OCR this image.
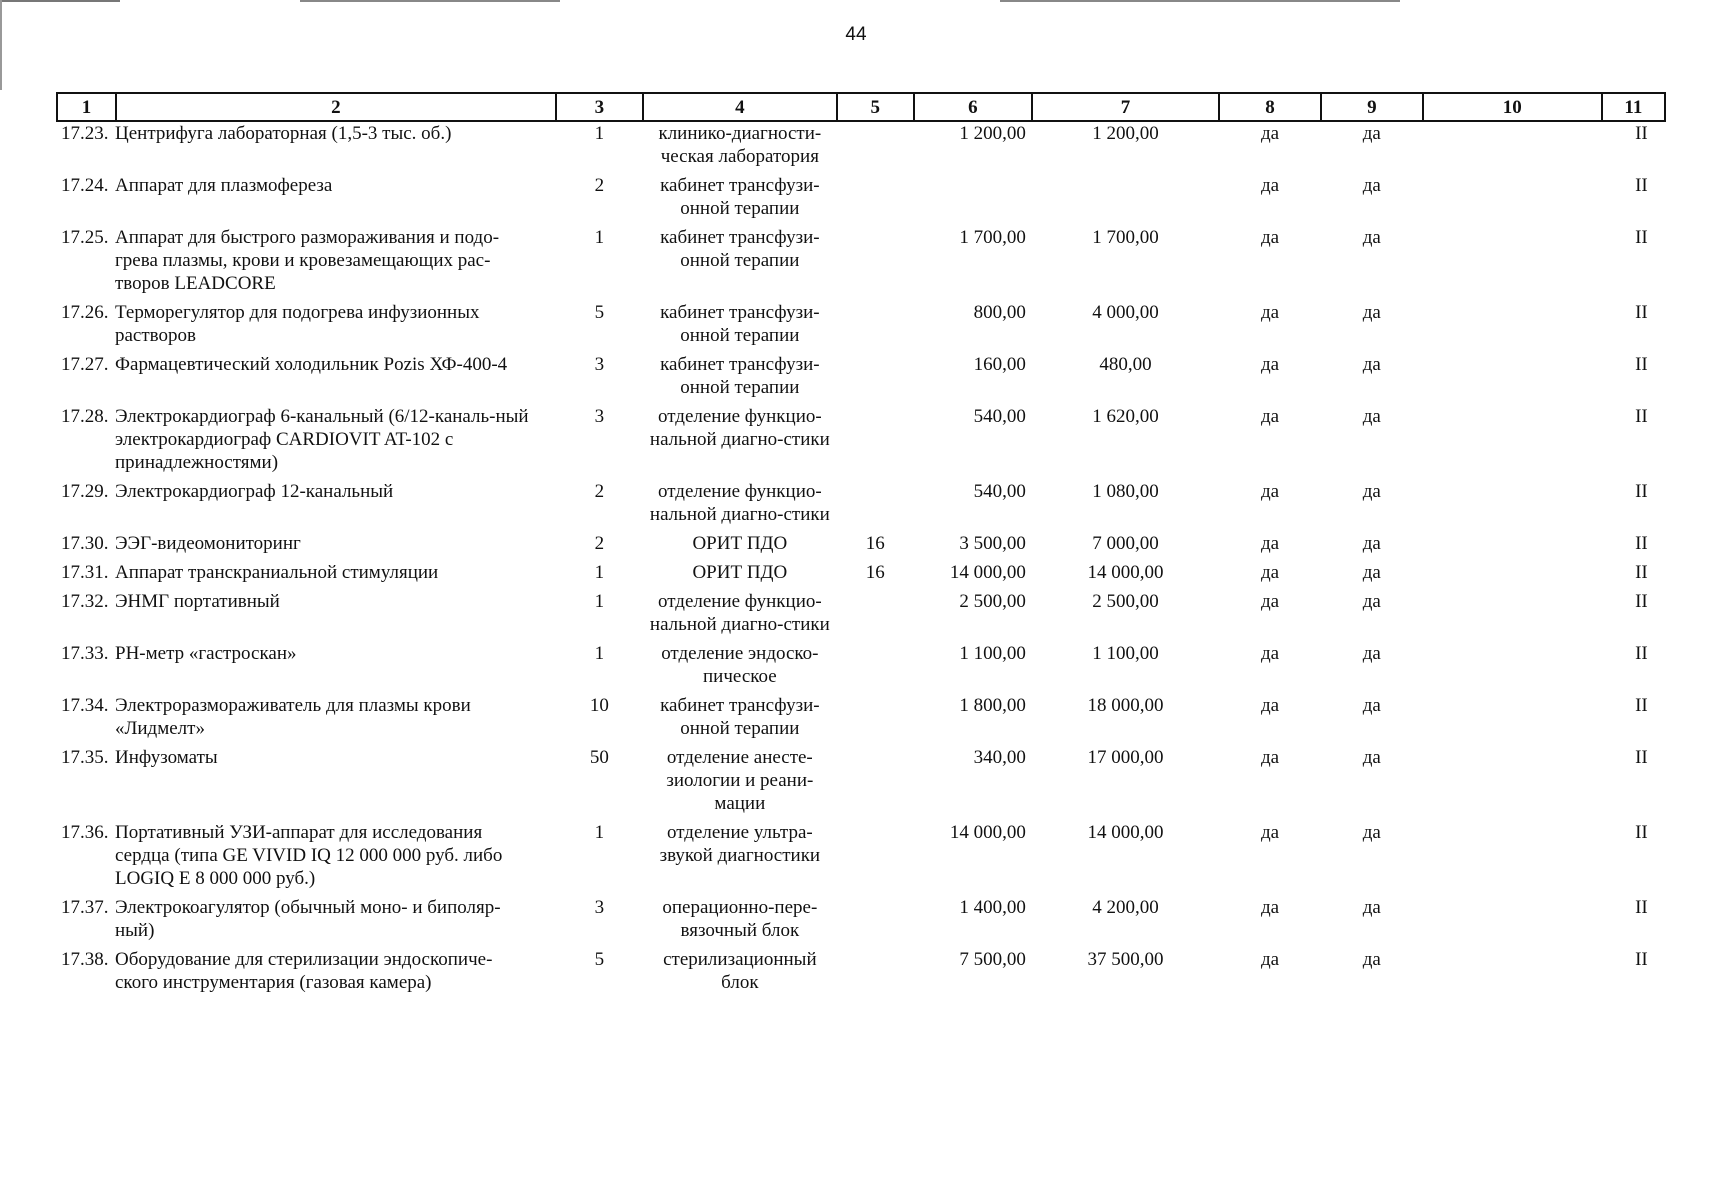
44
1	2	3	4	5	6	7	8	9	10	11
17.23. Центрифуга лабораторная (1,5-3 тыс. об.)		1	клинико-диагности-ческая лаборатория		1 200,00	1 200,00	да	да		II
17.24. Аппарат для плазмофереза		2	кабинет трансфузи-онной терапии				да	да		II
17.25. Аппарат для быстрого размораживания и подо-грева плазмы, крови и кровезамещающих рас-творов LEADCORE		1	кабинет трансфузи-онной терапии		1 700,00	1 700,00	да	да		II
17.26. Терморегулятор для подогрева инфузионных растворов		5	кабинет трансфузи-онной терапии		800,00	4 000,00	да	да		II
17.27. Фармацевтический холодильник Pozis ХФ-400-4		3	кабинет трансфузи-онной терапии		160,00	480,00	да	да		II
17.28. Электрокардиограф 6-канальный (6/12-каналь-ный электрокардиограф CARDIOVIT AT-102 с принадлежностями)		3	отделение функцио-нальной диагно-стики		540,00	1 620,00	да	да		II
17.29. Электрокардиограф 12-канальный		2	отделение функцио-нальной диагно-стики		540,00	1 080,00	да	да		II
17.30. ЭЭГ-видеомониторинг		2	ОРИТ ПДО	16	3 500,00	7 000,00	да	да		II
17.31. Аппарат транскраниальной стимуляции		1	ОРИТ ПДО	16	14 000,00	14 000,00	да	да		II
17.32. ЭНМГ портативный		1	отделение функцио-нальной диагно-стики		2 500,00	2 500,00	да	да		II
17.33. РН-метр «гастроскан»		1	отделение эндоско-пическое		1 100,00	1 100,00	да	да		II
17.34. Электроразмораживатель для плазмы крови «Лидмелт»		10	кабинет трансфузи-онной терапии		1 800,00	18 000,00	да	да		II
17.35. Инфузоматы		50	отделение анесте-зиологии и реани-мации		340,00	17 000,00	да	да		II
17.36. Портативный УЗИ-аппарат для исследования сердца (типа GE VIVID IQ 12 000 000 руб. либо LOGIQ E 8 000 000 руб.)		1	отделение ультра-звукой диагностики		14 000,00	14 000,00	да	да		II
17.37. Электрокоагулятор (обычный моно- и биполяр-ный)		3	операционно-пере-вязочный блок		1 400,00	4 200,00	да	да		II
17.38. Оборудование для стерилизации эндоскопиче-ского инструментария (газовая камера)		5	стерилизационный блок		7 500,00	37 500,00	да	да		II
